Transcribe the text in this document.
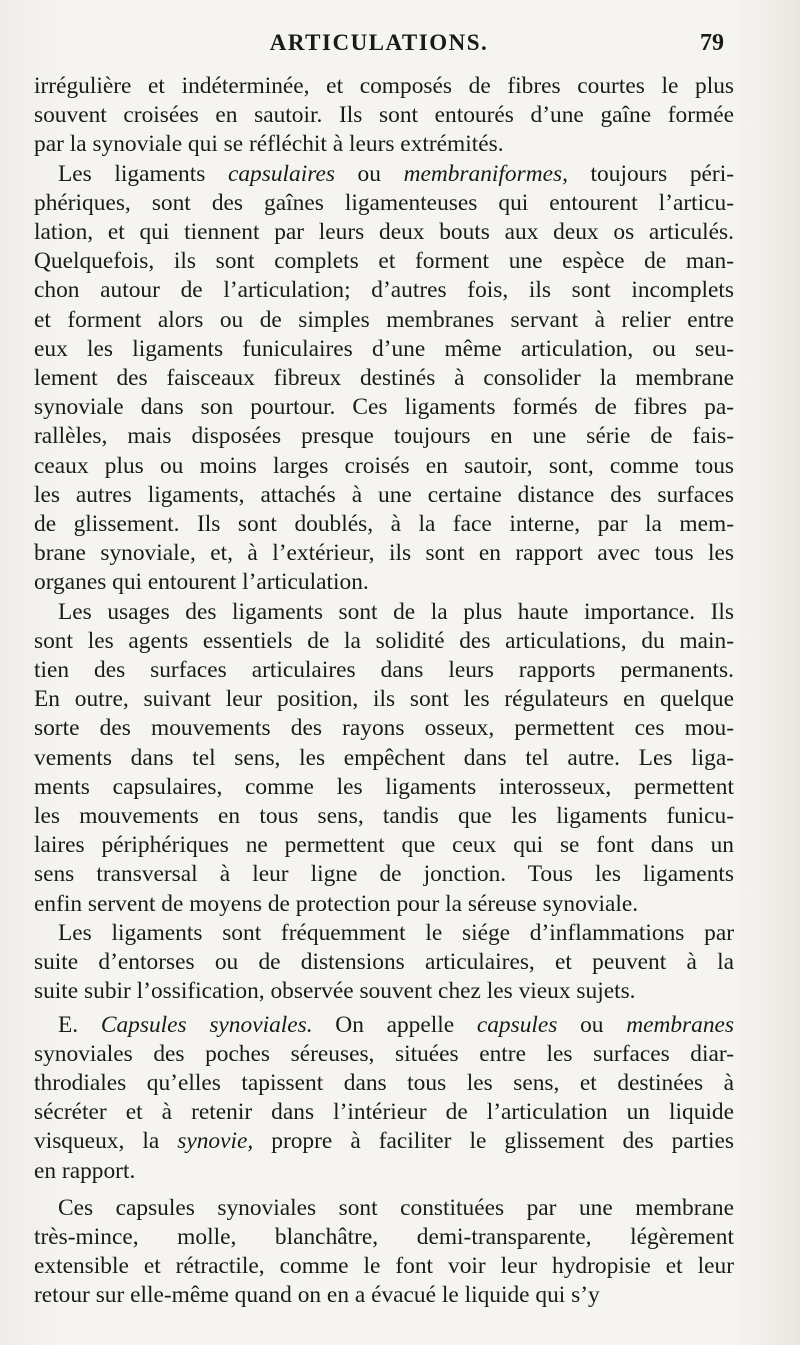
ARTICULATIONS.	79
irrégulière et indéterminée, et composés de fibres courtes le plus
souvent croisées en sautoir. Ils sont entourés d’une gaîne formée
par la synoviale qui se réfléchit à leurs extrémités.
Les ligaments capsulaires ou membraniformes, toujours péri-
phériques, sont des gaînes ligamenteuses qui entourent l’articu-
lation, et qui tiennent par leurs deux bouts aux deux os articulés.
Quelquefois, ils sont complets et forment une espèce de man-
chon autour de l’articulation; d’autres fois, ils sont incomplets
et forment alors ou de simples membranes servant à relier entre
eux les ligaments funiculaires d’une même articulation, ou seu-
lement des faisceaux fibreux destinés à consolider la membrane
synoviale dans son pourtour. Ces ligaments formés de fibres pa-
rallèles, mais disposées presque toujours en une série de fais-
ceaux plus ou moins larges croisés en sautoir, sont, comme tous
les autres ligaments, attachés à une certaine distance des surfaces
de glissement. Ils sont doublés, à la face interne, par la mem-
brane synoviale, et, à l’extérieur, ils sont en rapport avec tous les
organes qui entourent l’articulation.
Les usages des ligaments sont de la plus haute importance. Ils
sont les agents essentiels de la solidité des articulations, du main-
tien des surfaces articulaires dans leurs rapports permanents.
En outre, suivant leur position, ils sont les régulateurs en quelque
sorte des mouvements des rayons osseux, permettent ces mou-
vements dans tel sens, les empêchent dans tel autre. Les liga-
ments capsulaires, comme les ligaments interosseux, permettent
les mouvements en tous sens, tandis que les ligaments funicu-
laires périphériques ne permettent que ceux qui se font dans un
sens transversal à leur ligne de jonction. Tous les ligaments
enfin servent de moyens de protection pour la séreuse synoviale.
Les ligaments sont fréquemment le siége d’inflammations par
suite d’entorses ou de distensions articulaires, et peuvent à la
suite subir l’ossification, observée souvent chez les vieux sujets.
E. Capsules synoviales. On appelle capsules ou membranes
synoviales des poches séreuses, situées entre les surfaces diar-
throdiales qu’elles tapissent dans tous les sens, et destinées à
sécréter et à retenir dans l’intérieur de l’articulation un liquide
visqueux, la synovie, propre à faciliter le glissement des parties
en rapport.
Ces capsules synoviales sont constituées par une membrane
très-mince, molle, blanchâtre, demi-transparente, légèrement
extensible et rétractile, comme le font voir leur hydropisie et leur
retour sur elle-même quand on en a évacué le liquide qui s’y
